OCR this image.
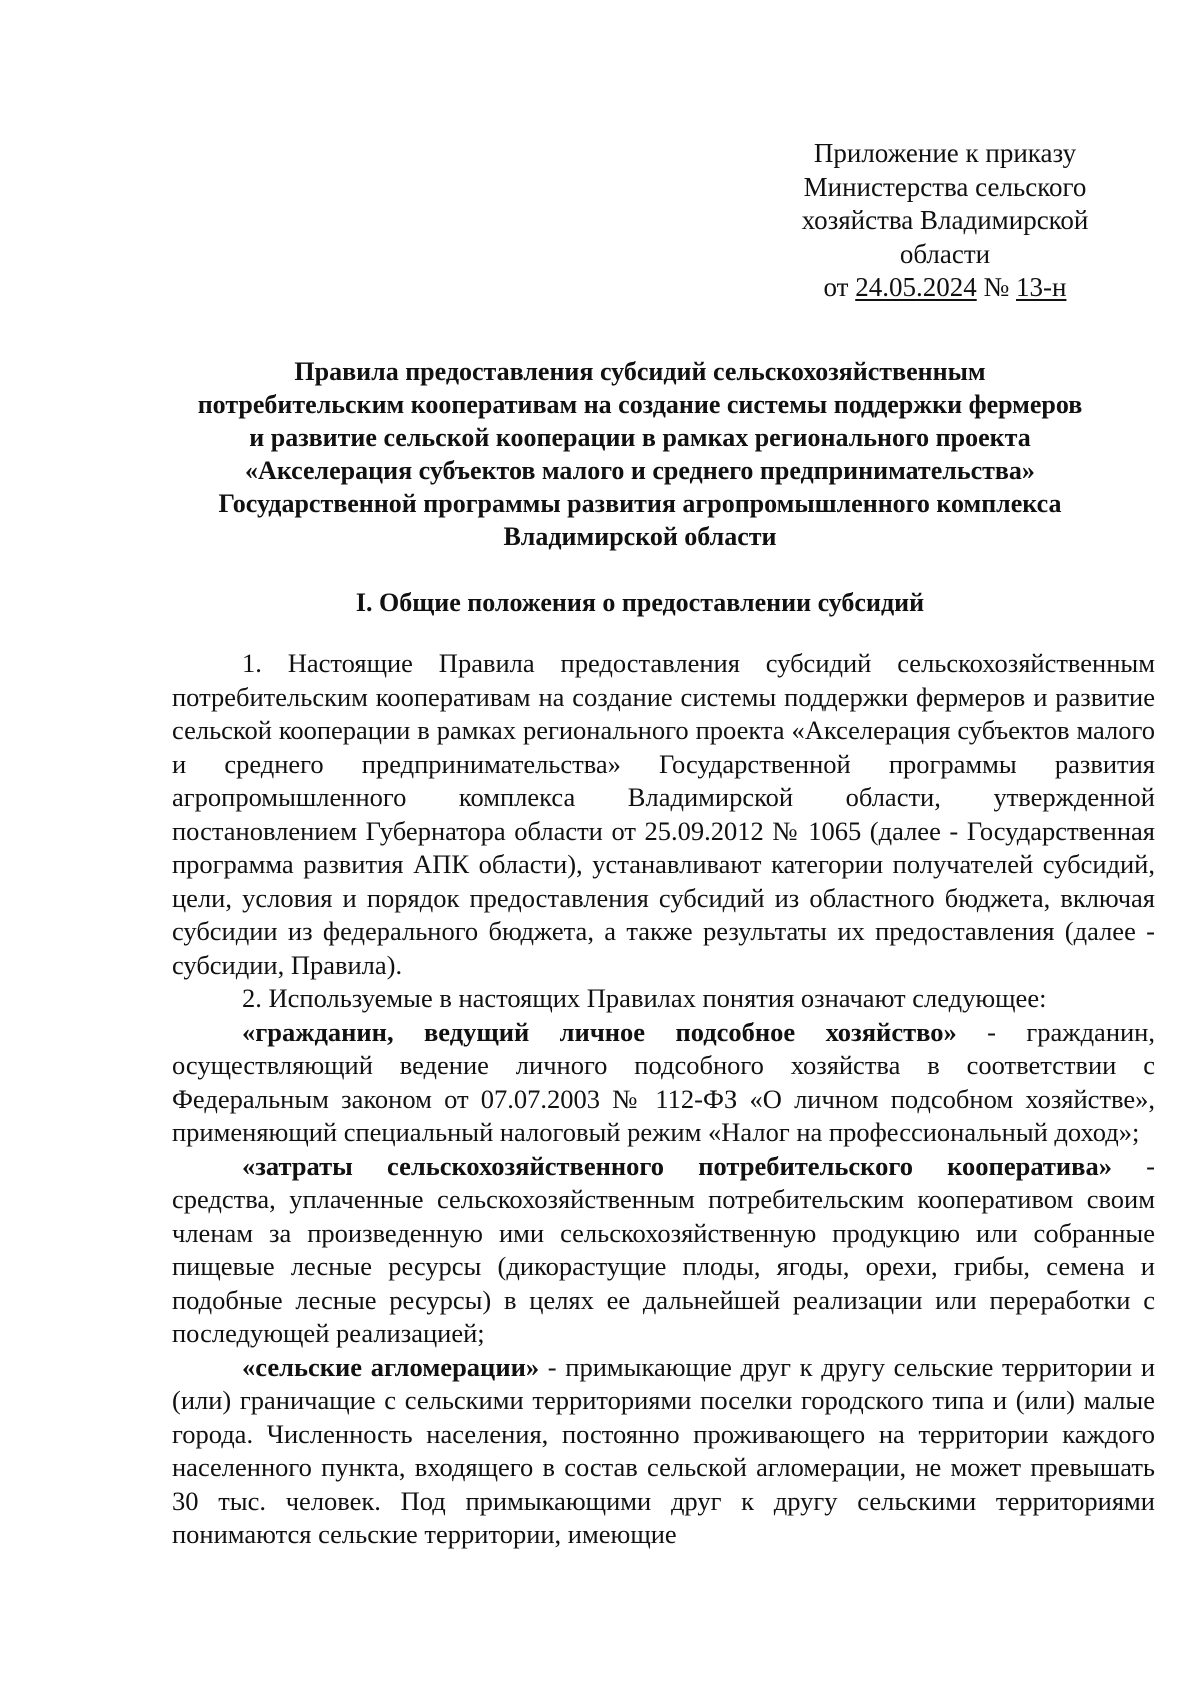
Приложение к приказу
Министерства сельского
хозяйства Владимирской
области
от 24.05.2024 № 13-н
Правила предоставления субсидий сельскохозяйственным
потребительским кооперативам на создание системы поддержки фермеров
и развитие сельской кооперации в рамках регионального проекта
«Акселерация субъектов малого и среднего предпринимательства»
Государственной программы развития агропромышленного комплекса
Владимирской области
I. Общие положения о предоставлении субсидий

1. Настоящие Правила предоставления субсидий сельскохозяйственным потребительским кооперативам на создание системы поддержки фермеров и развитие сельской кооперации в рамках регионального проекта «Акселерация субъектов малого и среднего предпринимательства» Государственной программы развития агропромышленного комплекса Владимирской области, утвержденной постановлением Губернатора области от 25.09.2012 № 1065 (далее - Государственная программа развития АПК области), устанавливают категории получателей субсидий, цели, условия и порядок предоставления субсидий из областного бюджета, включая субсидии из федерального бюджета, а также результаты их предоставления (далее - субсидии, Правила).

2. Используемые в настоящих Правилах понятия означают следующее:

«гражданин, ведущий личное подсобное хозяйство» - гражданин, осуществляющий ведение личного подсобного хозяйства в соответствии с Федеральным законом от 07.07.2003 № 112-ФЗ «О личном подсобном хозяйстве», применяющий специальный налоговый режим «Налог на профессиональный доход»;

«затраты сельскохозяйственного потребительского кооператива» - средства, уплаченные сельскохозяйственным потребительским кооперативом своим членам за произведенную ими сельскохозяйственную продукцию или собранные пищевые лесные ресурсы (дикорастущие плоды, ягоды, орехи, грибы, семена и подобные лесные ресурсы) в целях ее дальнейшей реализации или переработки с последующей реализацией;

«сельские агломерации» - примыкающие друг к другу сельские территории и (или) граничащие с сельскими территориями поселки городского типа и (или) малые города. Численность населения, постоянно проживающего на территории каждого населенного пункта, входящего в состав сельской агломерации, не может превышать 30 тыс. человек. Под примыкающими друг к другу сельскими территориями понимаются сельские территории, имеющие
